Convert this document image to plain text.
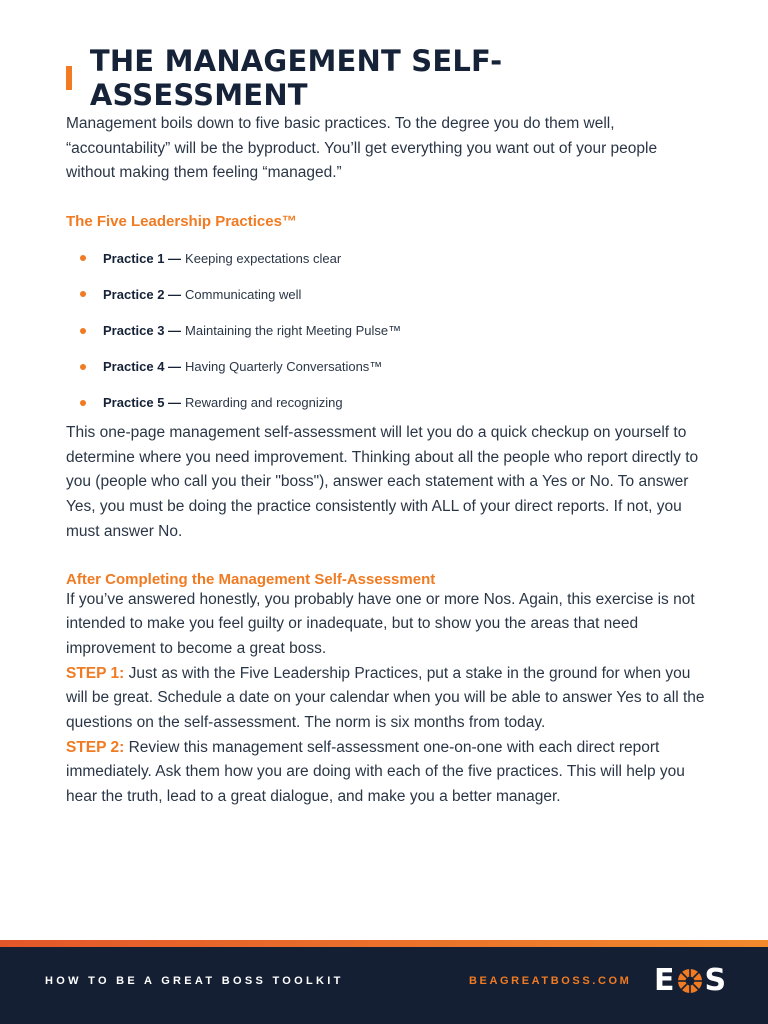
THE MANAGEMENT SELF-ASSESSMENT

Management boils down to five basic practices. To the degree you do them well, “accountability” will be the byproduct. You’ll get everything you want out of your people without making them feeling “managed.”

The Five Leadership Practices™
Practice 1 — Keeping expectations clear
Practice 2 — Communicating well
Practice 3 — Maintaining the right Meeting Pulse™
Practice 4 — Having Quarterly Conversations™
Practice 5 — Rewarding and recognizing

This one-page management self-assessment will let you do a quick checkup on yourself to determine where you need improvement. Thinking about all the people who report directly to you (people who call you their "boss"), answer each statement with a Yes or No. To answer Yes, you must be doing the practice consistently with ALL of your direct reports. If not, you must answer No.

After Completing the Management Self-Assessment

If you’ve answered honestly, you probably have one or more Nos. Again, this exercise is not intended to make you feel guilty or inadequate, but to show you the areas that need improvement to become a great boss.

STEP 1: Just as with the Five Leadership Practices, put a stake in the ground for when you will be great. Schedule a date on your calendar when you will be able to answer Yes to all the questions on the self-assessment. The norm is six months from today.

STEP 2: Review this management self-assessment one-on-one with each direct report immediately. Ask them how you are doing with each of the five practices. This will help you hear the truth, lead to a great dialogue, and make you a better manager.

HOW TO BE A GREAT BOSS TOOLKIT	BEAGREATBOSS.COM E S
